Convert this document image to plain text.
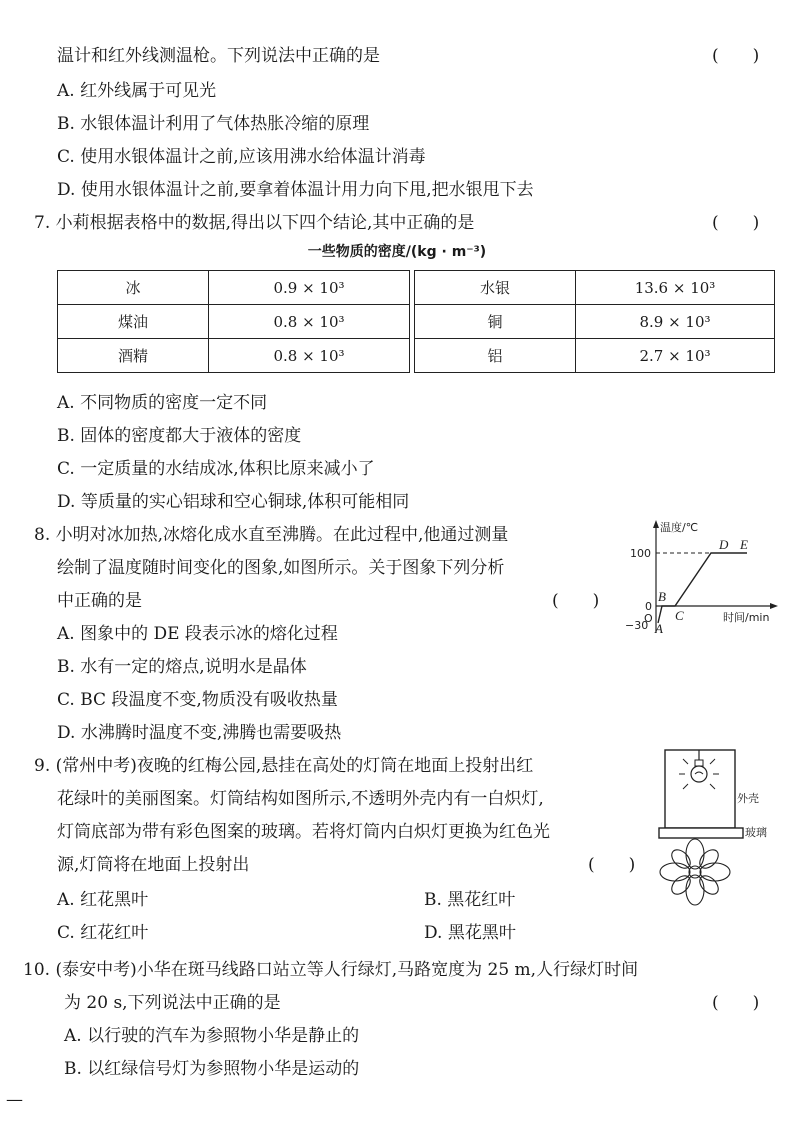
温计和红外线测温枪。下列说法中正确的是	(　　)
A. 红外线属于可见光
B. 水银体温计利用了气体热胀冷缩的原理
C. 使用水银体温计之前,应该用沸水给体温计消毒
D. 使用水银体温计之前,要拿着体温计用力向下甩,把水银甩下去
7. 小莉根据表格中的数据,得出以下四个结论,其中正确的是	(　　)
一些物质的密度/(kg · m⁻³)
冰	0.9 × 10³		水银	13.6 × 10³
煤油	0.8 × 10³		铜	8.9 × 10³
酒精	0.8 × 10³		铝	2.7 × 10³
A. 不同物质的密度一定不同
B. 固体的密度都大于液体的密度
C. 一定质量的水结成冰,体积比原来减小了
D. 等质量的实心铝球和空心铜球,体积可能相同
8. 小明对冰加热,冰熔化成水直至沸腾。在此过程中,他通过测量
绘制了温度随时间变化的图象,如图所示。关于图象下列分析
中正确的是	(　　)
A. 图象中的 DE 段表示冰的熔化过程
B. 水有一定的熔点,说明水是晶体
C. BC 段温度不变,物质没有吸收热量
D. 水沸腾时温度不变,沸腾也需要吸热
温度/℃
时间/min
100
0
−30 A
B
C
D E
O
9. (常州中考)夜晚的红梅公园,悬挂在高处的灯筒在地面上投射出红
花绿叶的美丽图案。灯筒结构如图所示,不透明外壳内有一白炽灯,
灯筒底部为带有彩色图案的玻璃。若将灯筒内白炽灯更换为红色光
源,灯筒将在地面上投射出	(　　)
A. 红花黑叶	B. 黑花红叶
C. 红花红叶	D. 黑花黑叶
外壳
玻璃
10. (泰安中考)小华在斑马线路口站立等人行绿灯,马路宽度为 25 m,人行绿灯时间
为 20 s,下列说法中正确的是	(　　)
A. 以行驶的汽车为参照物小华是静止的
B. 以红绿信号灯为参照物小华是运动的
—
